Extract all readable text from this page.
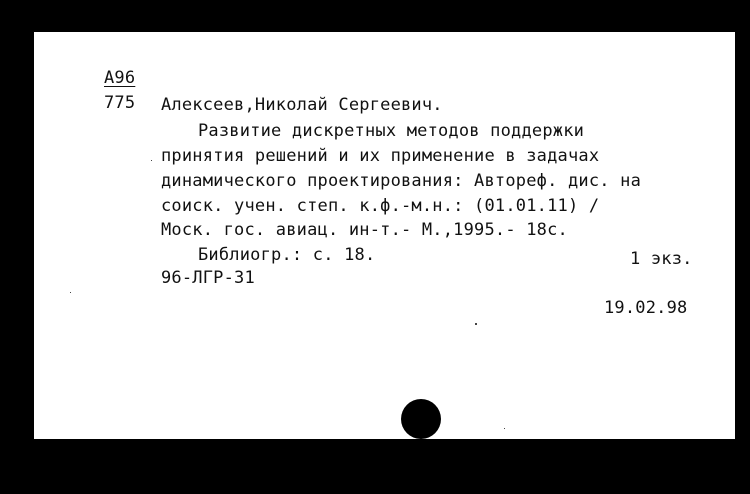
А96
775 Алексеев,Николай Сергеевич.
Развитие дискретных методов поддержки
принятия решений и их применение в задачах
динамического проектирования: Автореф. дис. на
соиск. учен. степ. к.ф.-м.н.: (01.01.11) /
Моск. гос. авиац. ин-т.- М.,1995.- 18с.
Библиогр.: с. 18.	1 экз.
96-ЛГР-31
19.02.98
